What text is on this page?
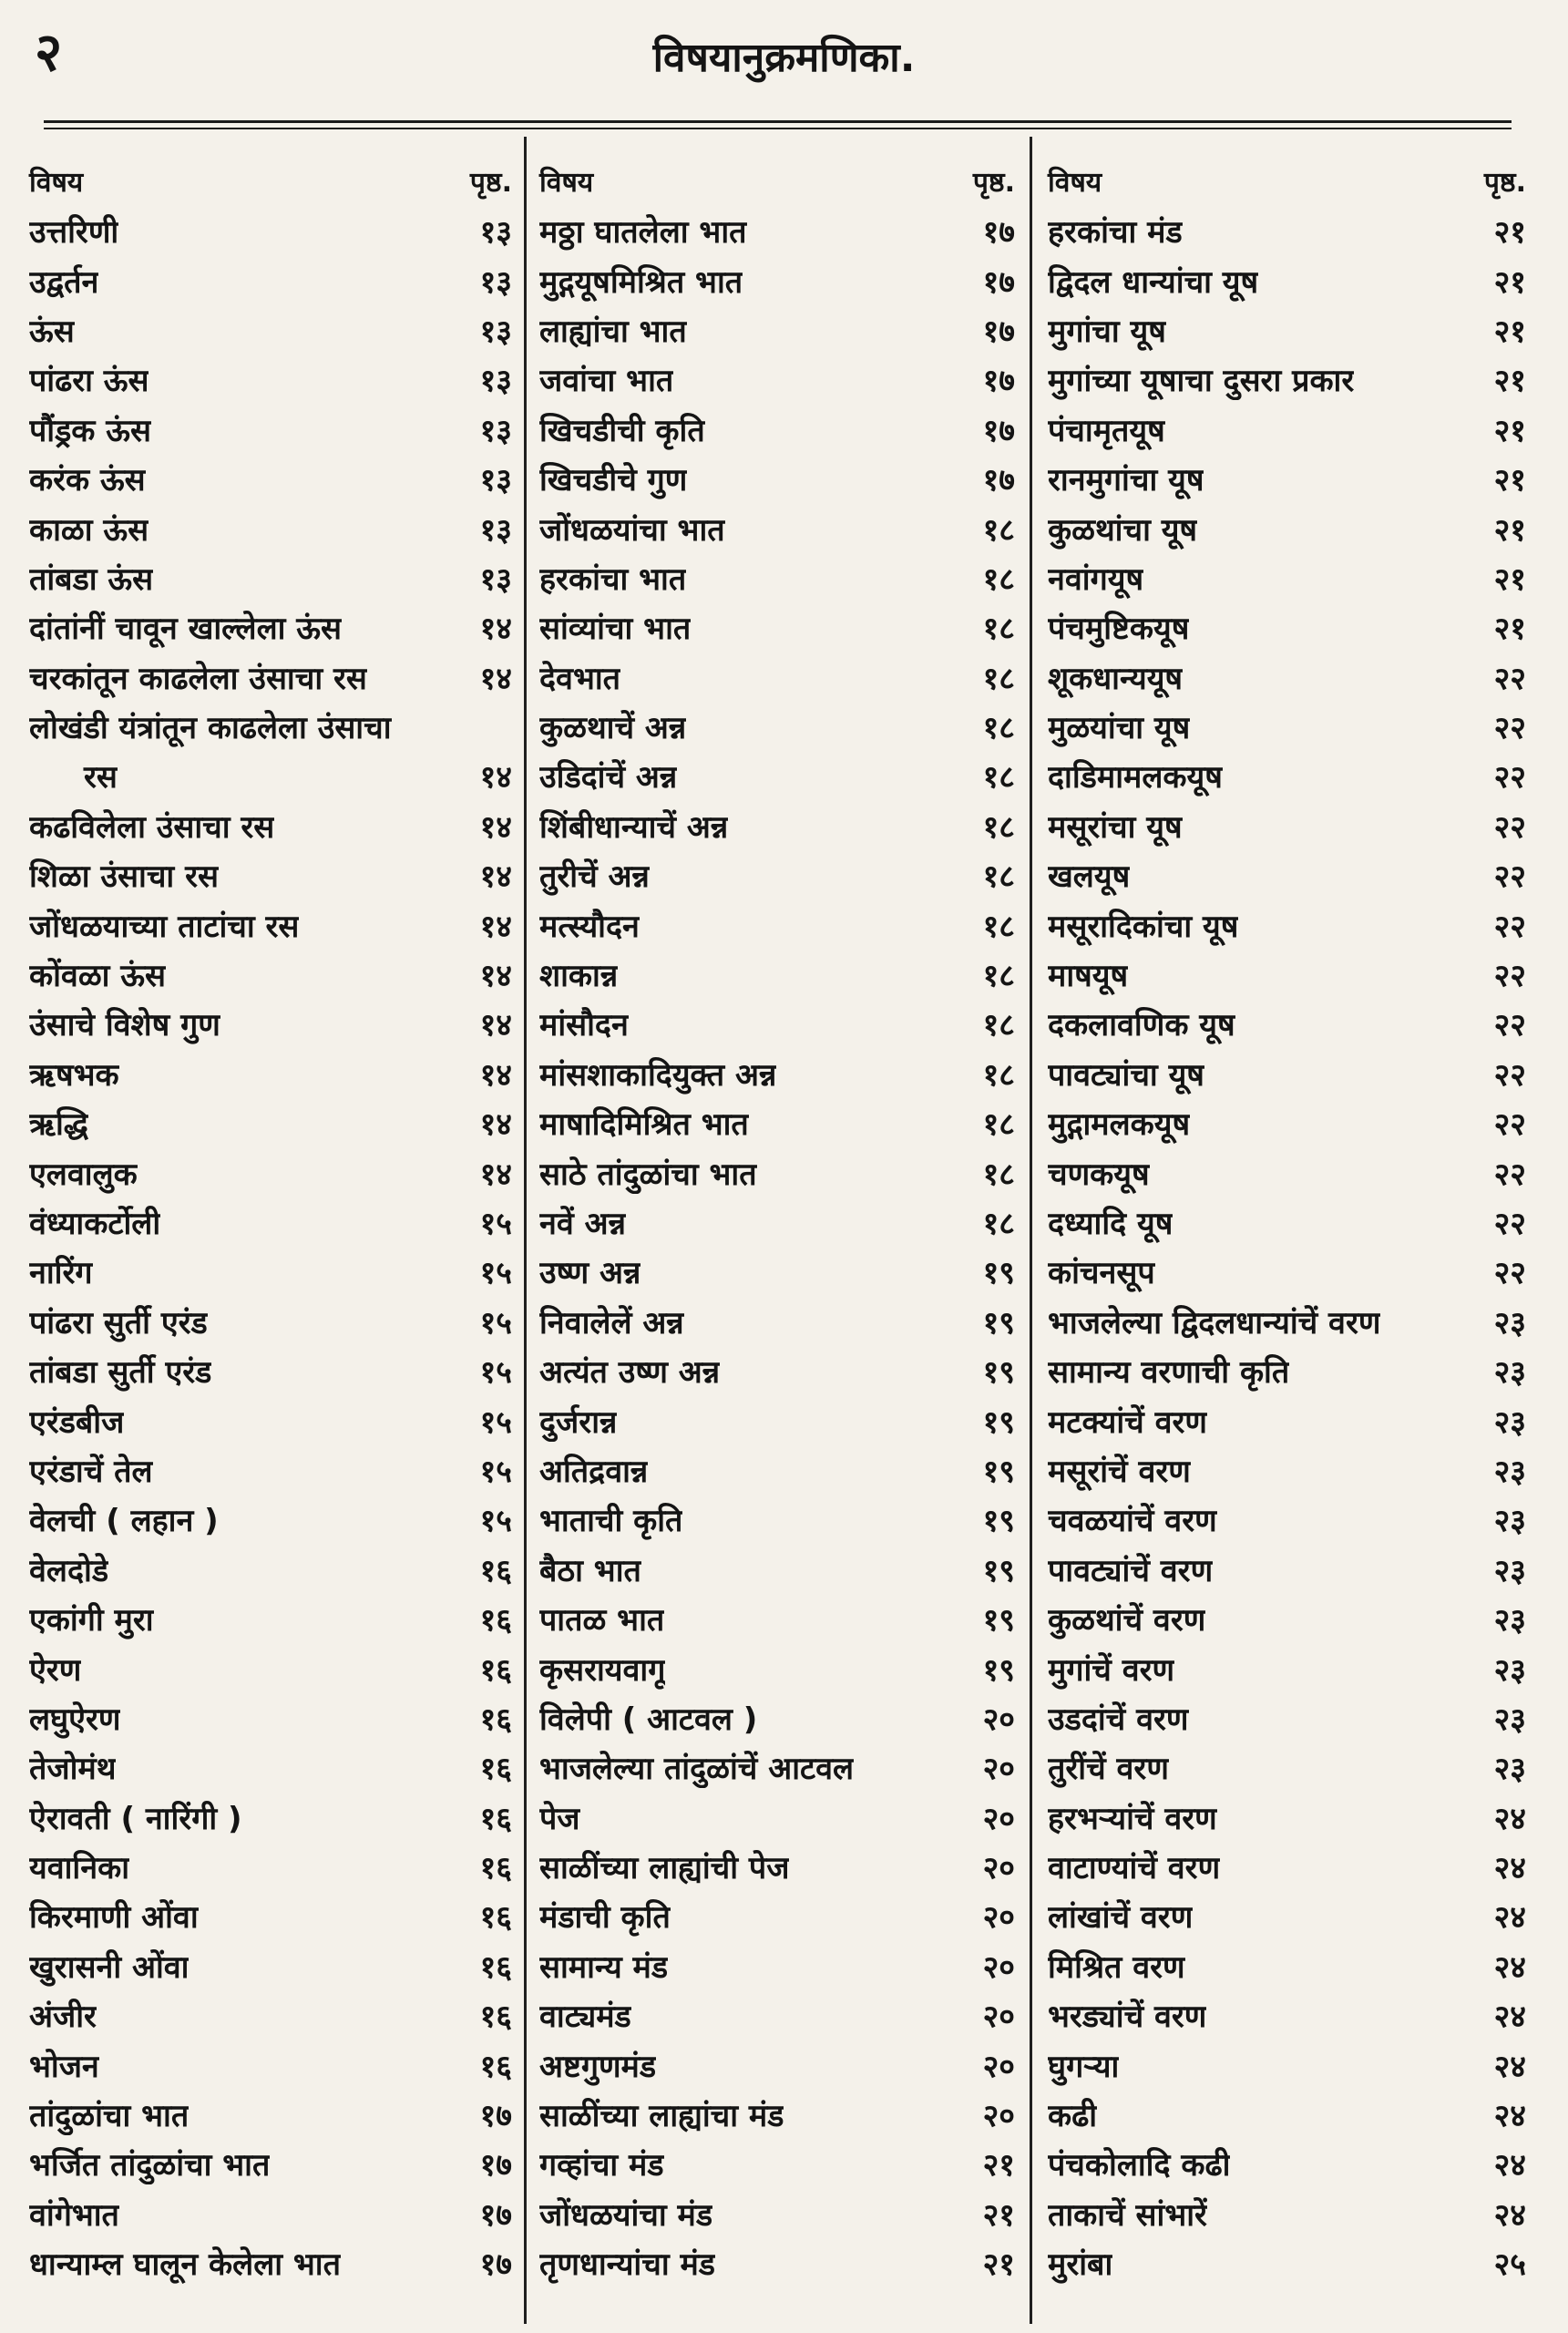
२	विषयानुक्रमणिका.
विषय	पृष्ठ.
उत्तरिणी	१३
उद्वर्तन	१३
ऊंस	१३
पांढरा ऊंस	१३
पौंड्रक ऊंस	१३
करंक ऊंस	१३
काळा ऊंस	१३
तांबडा ऊंस	१३
दांतांनीं चावून खाल्लेला ऊंस	१४
चरकांतून काढलेला उंसाचा रस	१४
लोखंडी यंत्रांतून काढलेला उंसाचा
रस	१४
कढविलेला उंसाचा रस	१४
शिळा उंसाचा रस	१४
जोंधळयाच्या ताटांचा रस	१४
कोंवळा ऊंस	१४
उंसाचे विशेष गुण	१४
ऋषभक	१४
ऋद्धि	१४
एलवालुक	१४
वंध्याकर्टोली	१५
नारिंग	१५
पांढरा सुर्ती एरंड	१५
तांबडा सुर्ती एरंड	१५
एरंडबीज	१५
एरंडाचें तेल	१५
वेलची ( लहान )	१५
वेलदोडे	१६
एकांगी मुरा	१६
ऐरण	१६
लघुऐरण	१६
तेजोमंथ	१६
ऐरावती ( नारिंगी )	१६
यवानिका	१६
किरमाणी ओंवा	१६
खुरासनी ओंवा	१६
अंजीर	१६
भोजन	१६
तांदुळांचा भात	१७
भर्जित तांदुळांचा भात	१७
वांगेभात	१७
धान्याम्ल घालून केलेला भात	१७
विषय	पृष्ठ.
मठ्ठा घातलेला भात	१७
मुद्गयूषमिश्रित भात	१७
लाह्यांचा भात	१७
जवांचा भात	१७
खिचडीची कृति	१७
खिचडीचे गुण	१७
जोंधळयांचा भात	१८
हरकांचा भात	१८
सांव्यांचा भात	१८
देवभात	१८
कुळथाचें अन्न	१८
उडिदांचें अन्न	१८
शिंबीधान्याचें अन्न	१८
तुरीचें अन्न	१८
मत्स्यौदन	१८
शाकान्न	१८
मांसौदन	१८
मांसशाकादियुक्त अन्न	१८
माषादिमिश्रित भात	१८
साठे तांदुळांचा भात	१८
नवें अन्न	१८
उष्ण अन्न	१९
निवालेलें अन्न	१९
अत्यंत उष्ण अन्न	१९
दुर्जरान्न	१९
अतिद्रवान्न	१९
भाताची कृति	१९
बैठा भात	१९
पातळ भात	१९
कृसरायवागू	१९
विलेपी ( आटवल )	२०
भाजलेल्या तांदुळांचें आटवल	२०
पेज	२०
साळींच्या लाह्यांची पेज	२०
मंडाची कृति	२०
सामान्य मंड	२०
वाट्यमंड	२०
अष्टगुणमंड	२०
साळींच्या लाह्यांचा मंड	२०
गव्हांचा मंड	२१
जोंधळयांचा मंड	२१
तृणधान्यांचा मंड	२१
विषय	पृष्ठ.
हरकांचा मंड	२१
द्विदल धान्यांचा यूष	२१
मुगांचा यूष	२१
मुगांच्या यूषाचा दुसरा प्रकार	२१
पंचामृतयूष	२१
रानमुगांचा यूष	२१
कुळथांचा यूष	२१
नवांगयूष	२१
पंचमुष्टिकयूष	२१
शूकधान्ययूष	२२
मुळयांचा यूष	२२
दाडिमामलकयूष	२२
मसूरांचा यूष	२२
खलयूष	२२
मसूरादिकांचा यूष	२२
माषयूष	२२
दकलावणिक यूष	२२
पावट्यांचा यूष	२२
मुद्गामलकयूष	२२
चणकयूष	२२
दध्यादि यूष	२२
कांचनसूप	२२
भाजलेल्या द्विदलधान्यांचें वरण	२३
सामान्य वरणाची कृति	२३
मटक्यांचें वरण	२३
मसूरांचें वरण	२३
चवळयांचें वरण	२३
पावट्यांचें वरण	२३
कुळथांचें वरण	२३
मुगांचें वरण	२३
उडदांचें वरण	२३
तुरींचें वरण	२३
हरभऱ्यांचें वरण	२४
वाटाण्यांचें वरण	२४
लांखांचें वरण	२४
मिश्रित वरण	२४
भरड्यांचें वरण	२४
घुगऱ्या	२४
कढी	२४
पंचकोलादि कढी	२४
ताकाचें सांभारें	२४
मुरांबा	२५
